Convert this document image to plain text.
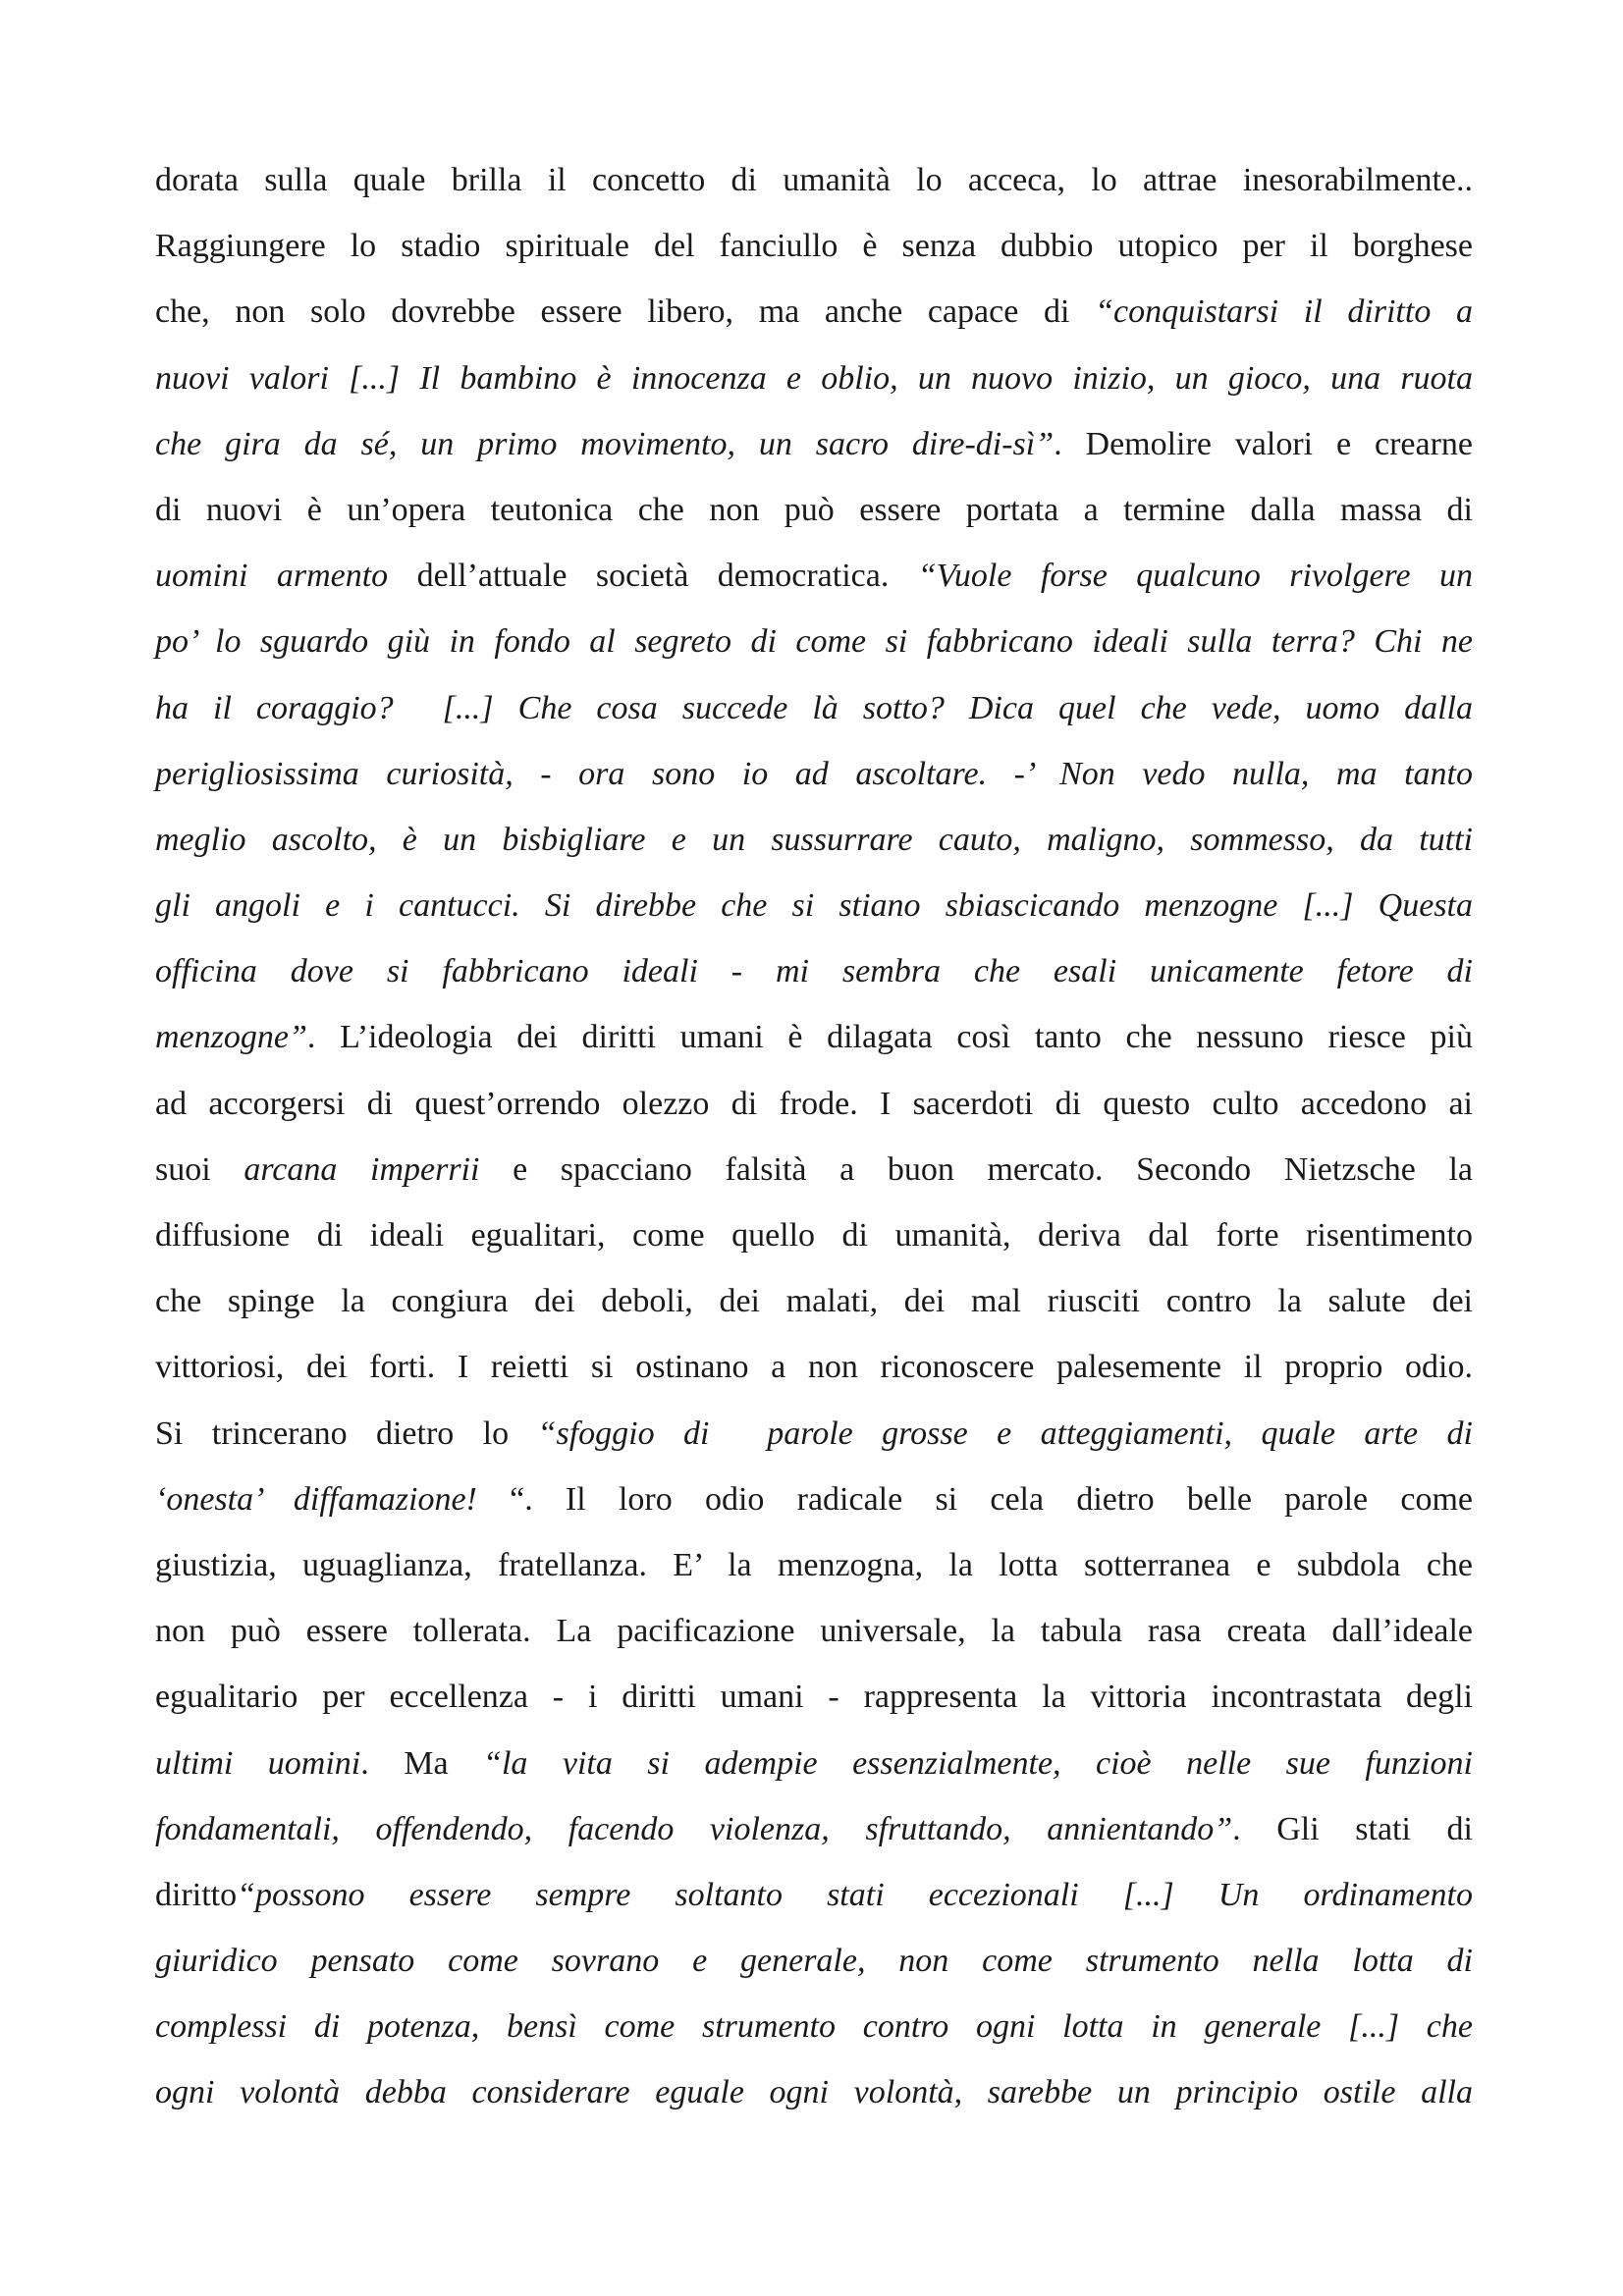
dorata sulla quale brilla il concetto di umanità lo acceca, lo attrae inesorabilmente..
Raggiungere lo stadio spirituale del fanciullo è senza dubbio utopico per il borghese
che, non solo dovrebbe essere libero, ma anche capace di “conquistarsi il diritto a
nuovi valori [...] Il bambino è innocenza e oblio, un nuovo inizio, un gioco, una ruota
che gira da sé, un primo movimento, un sacro dire-di-sì”. Demolire valori e crearne
di nuovi è un’opera teutonica che non può essere portata a termine dalla massa di
uomini armento dell’attuale società democratica. “Vuole forse qualcuno rivolgere un
po’ lo sguardo giù in fondo al segreto di come si fabbricano ideali sulla terra? Chi ne
ha il coraggio?  [...] Che cosa succede là sotto? Dica quel che vede, uomo dalla
perigliosissima curiosità, - ora sono io ad ascoltare. -’ Non vedo nulla, ma tanto
meglio ascolto, è un bisbigliare e un sussurrare cauto, maligno, sommesso, da tutti
gli angoli e i cantucci. Si direbbe che si stiano sbiascicando menzogne [...] Questa
officina dove si fabbricano ideali - mi sembra che esali unicamente fetore di
menzogne”. L’ideologia dei diritti umani è dilagata così tanto che nessuno riesce più
ad accorgersi di quest’orrendo olezzo di frode. I sacerdoti di questo culto accedono ai
suoi arcana imperrii e spacciano falsità a buon mercato. Secondo Nietzsche la
diffusione di ideali egualitari, come quello di umanità, deriva dal forte risentimento
che spinge la congiura dei deboli, dei malati, dei mal riusciti contro la salute dei
vittoriosi, dei forti. I reietti si ostinano a non riconoscere palesemente il proprio odio.
Si trincerano dietro lo “sfoggio di  parole grosse e atteggiamenti, quale arte di
‘onesta’ diffamazione! “. Il loro odio radicale si cela dietro belle parole come
giustizia, uguaglianza, fratellanza. E’ la menzogna, la lotta sotterranea e subdola che
non può essere tollerata. La pacificazione universale, la tabula rasa creata dall’ideale
egualitario per eccellenza - i diritti umani - rappresenta la vittoria incontrastata degli
ultimi uomini. Ma “la vita si adempie essenzialmente, cioè nelle sue funzioni
fondamentali, offendendo, facendo violenza, sfruttando, annientando”. Gli stati di
diritto“possono essere sempre soltanto stati eccezionali [...] Un ordinamento
giuridico pensato come sovrano e generale, non come strumento nella lotta di
complessi di potenza, bensì come strumento contro ogni lotta in generale [...] che
ogni volontà debba considerare eguale ogni volontà, sarebbe un principio ostile alla
